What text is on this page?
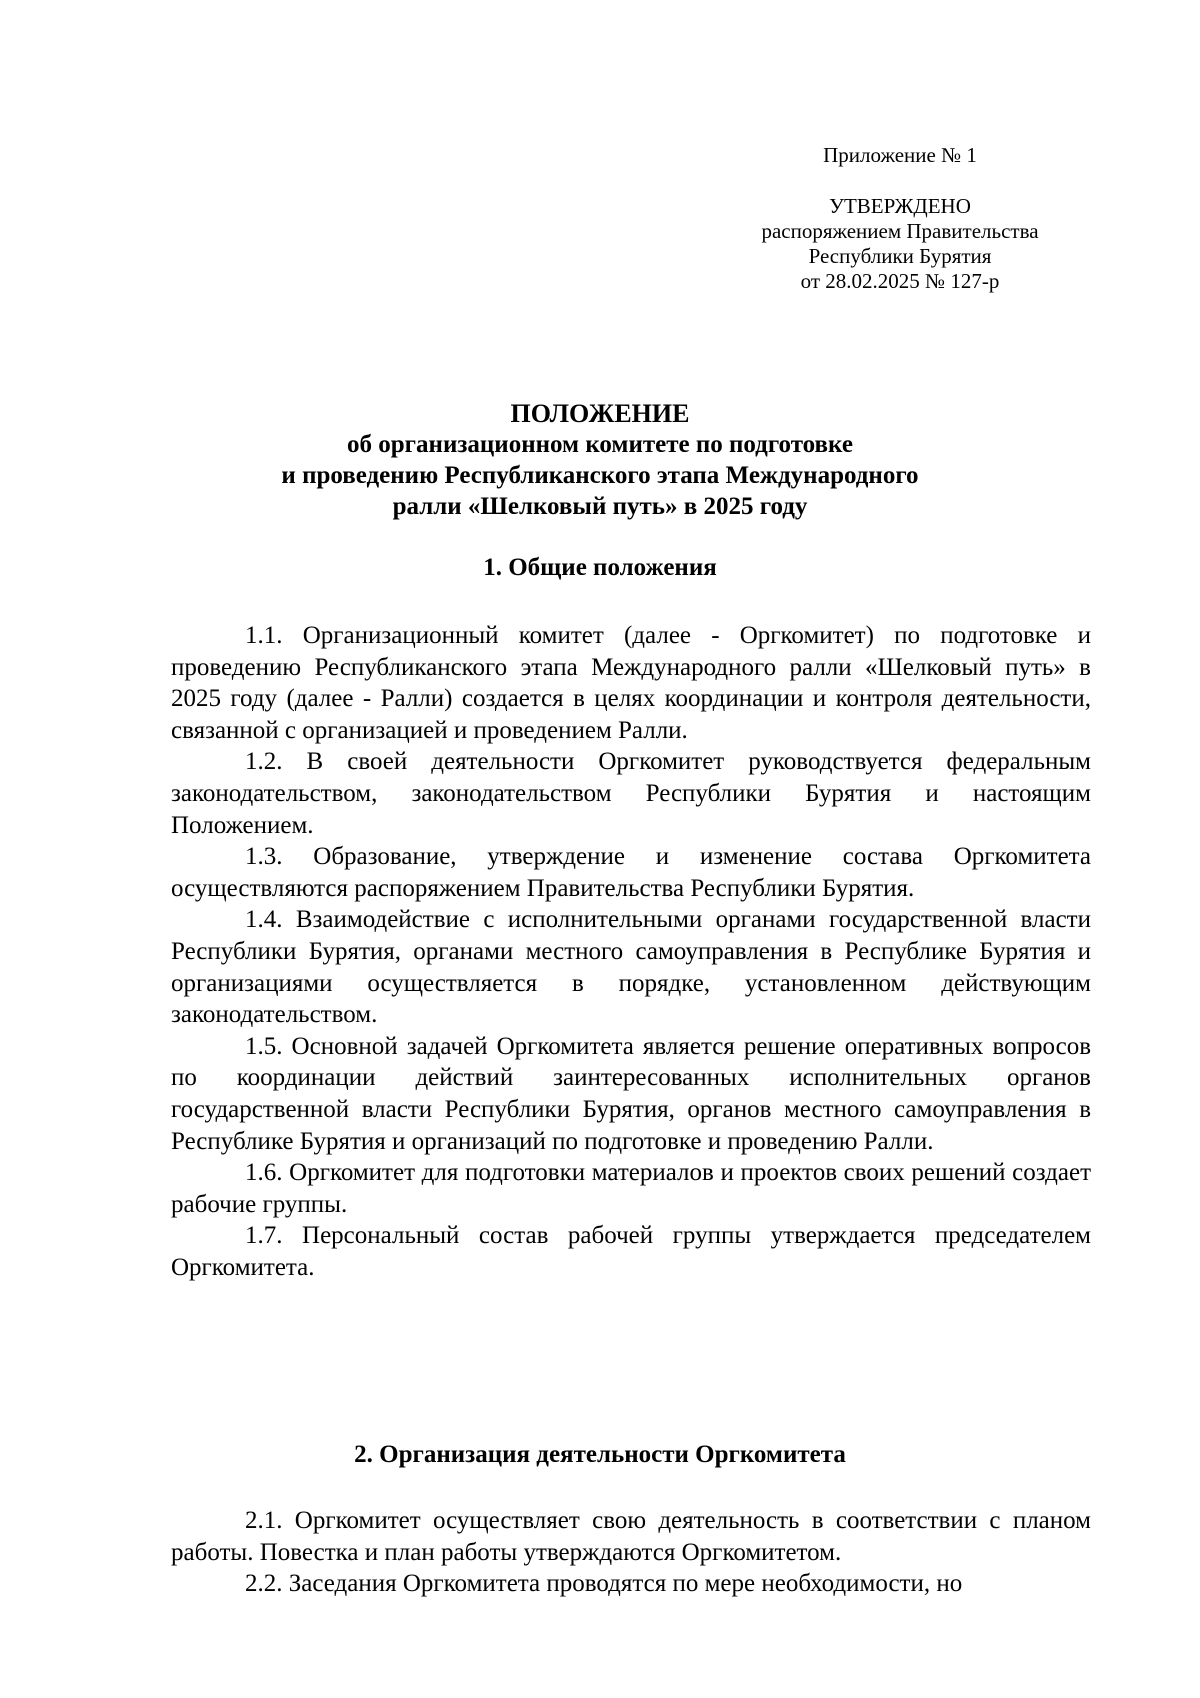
Приложение № 1
УТВЕРЖДЕНО
распоряжением Правительства
Республики Бурятия
от 28.02.2025 № 127-р
ПОЛОЖЕНИЕ
об организационном комитете по подготовке
и проведению Республиканского этапа Международного
ралли «Шелковый путь» в 2025 году
1. Общие положения

1.1. Организационный комитет (далее - Оргкомитет) по подготовке и проведению Республиканского этапа Международного ралли «Шелковый путь» в 2025 году (далее - Ралли) создается в целях координации и контроля деятельности, связанной с организацией и проведением Ралли.

1.2. В своей деятельности Оргкомитет руководствуется федеральным законодательством, законодательством Республики Бурятия и настоящим Положением.

1.3. Образование, утверждение и изменение состава Оргкомитета осуществляются распоряжением Правительства Республики Бурятия.

1.4. Взаимодействие с исполнительными органами государственной власти Республики Бурятия, органами местного самоуправления в Республике Бурятия и организациями осуществляется в порядке, установленном действующим законодательством.

1.5. Основной задачей Оргкомитета является решение оперативных вопросов по координации действий заинтересованных исполнительных органов государственной власти Республики Бурятия, органов местного самоуправления в Республике Бурятия и организаций по подготовке и проведению Ралли.

1.6. Оргкомитет для подготовки материалов и проектов своих решений создает рабочие группы.

1.7. Персональный состав рабочей группы утверждается председателем Оргкомитета.

2. Организация деятельности Оргкомитета

2.1. Оргкомитет осуществляет свою деятельность в соответствии с планом работы. Повестка и план работы утверждаются Оргкомитетом.

2.2. Заседания Оргкомитета проводятся по мере необходимости, но
